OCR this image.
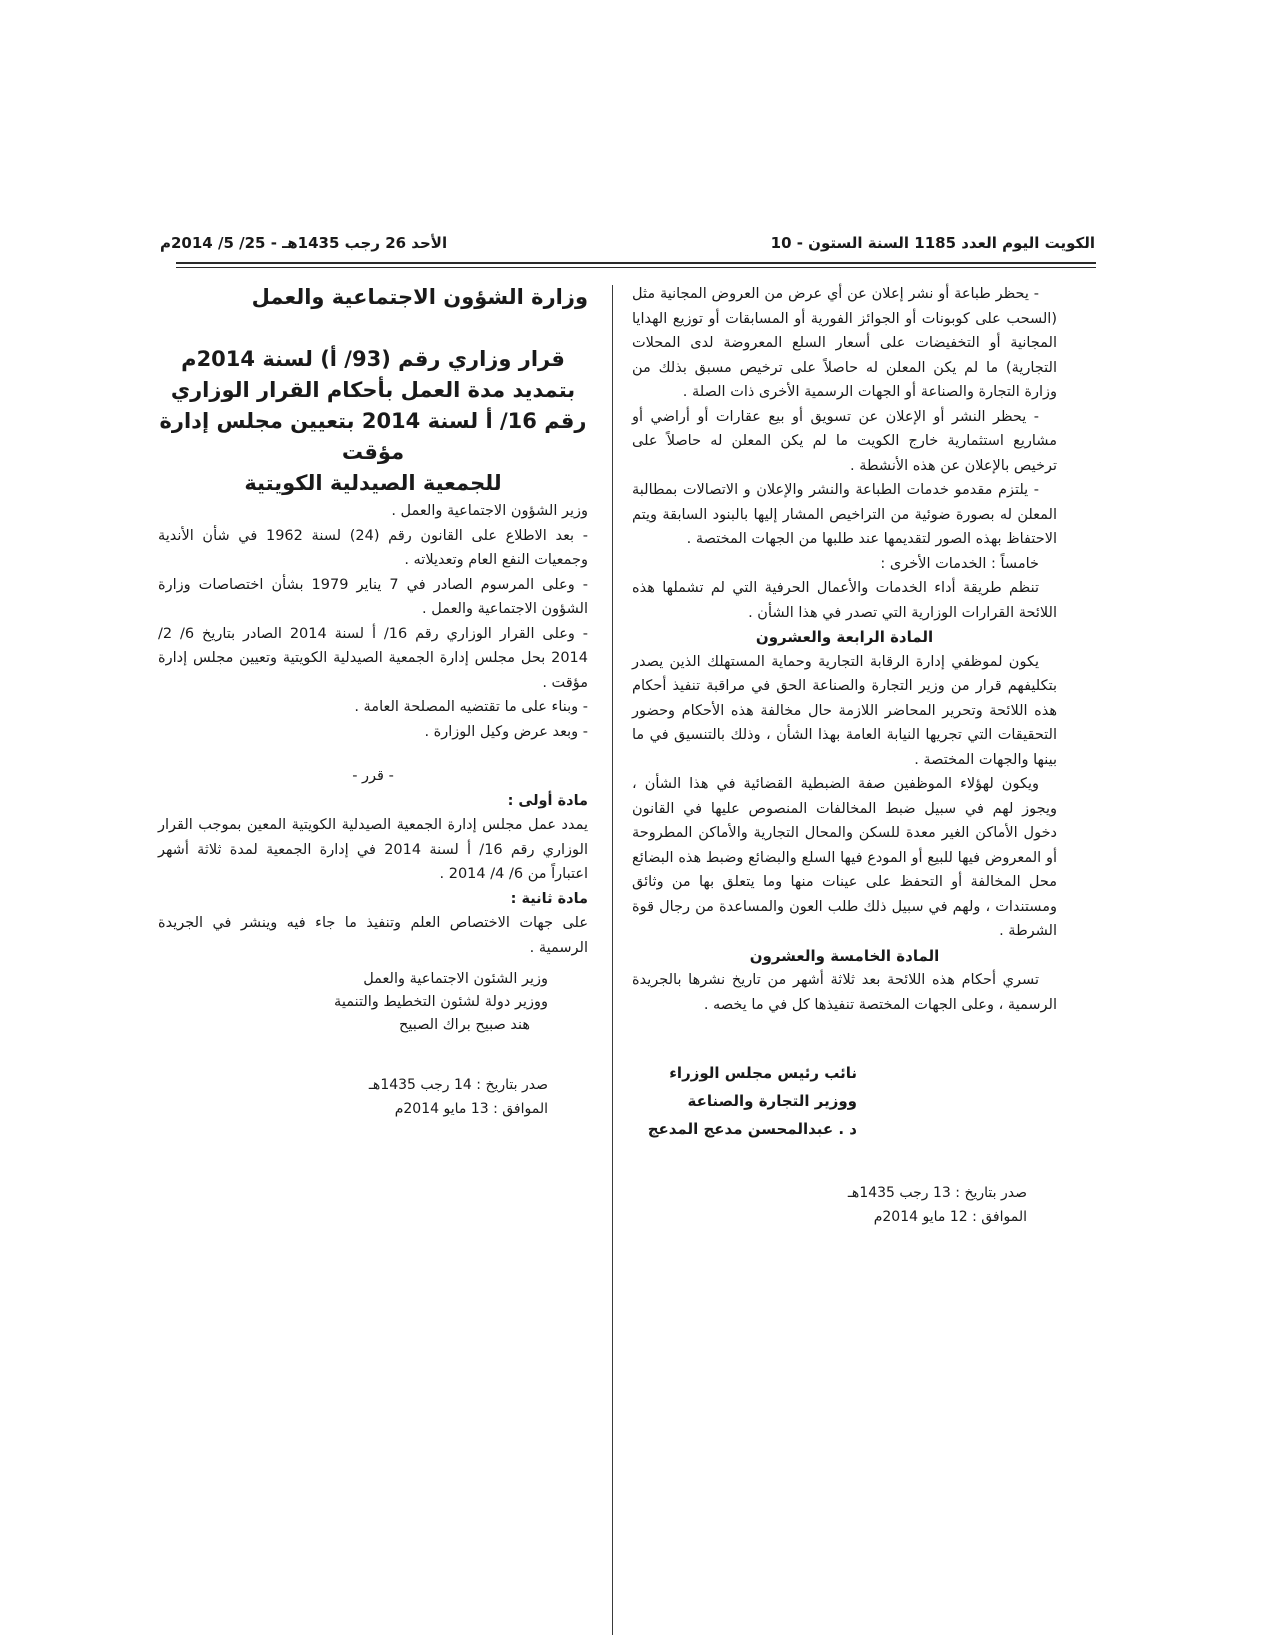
الكويت اليوم العدد 1185 السنة الستون - 10
الأحد 26 رجب 1435هـ - 25/ 5/ 2014م

- يحظر طباعة أو نشر إعلان عن أي عرض من العروض المجانية مثل (السحب على كوبونات أو الجوائز الفورية أو المسابقات أو توزيع الهدايا المجانية أو التخفيضات على أسعار السلع المعروضة لدى المحلات التجارية) ما لم يكن المعلن له حاصلاً على ترخيص مسبق بذلك من وزارة التجارة والصناعة أو الجهات الرسمية الأخرى ذات الصلة .

- يحظر النشر أو الإعلان عن تسويق أو بيع عقارات أو أراضي أو مشاريع استثمارية خارج الكويت ما لم يكن المعلن له حاصلاً على ترخيص بالإعلان عن هذه الأنشطة .

- يلتزم مقدمو خدمات الطباعة والنشر والإعلان و الاتصالات بمطالبة المعلن له بصورة ضوئية من التراخيص المشار إليها بالبنود السابقة ويتم الاحتفاظ بهذه الصور لتقديمها عند طلبها من الجهات المختصة .

خامساً : الخدمات الأخرى :

تنظم طريقة أداء الخدمات والأعمال الحرفية التي لم تشملها هذه اللائحة القرارات الوزارية التي تصدر في هذا الشأن .

المادة الرابعة والعشرون

يكون لموظفي إدارة الرقابة التجارية وحماية المستهلك الذين يصدر بتكليفهم قرار من وزير التجارة والصناعة الحق في مراقبة تنفيذ أحكام هذه اللائحة وتحرير المحاضر اللازمة حال مخالفة هذه الأحكام وحضور التحقيقات التي تجريها النيابة العامة بهذا الشأن ، وذلك بالتنسيق في ما بينها والجهات المختصة .

ويكون لهؤلاء الموظفين صفة الضبطية القضائية في هذا الشأن ، ويجوز لهم في سبيل ضبط المخالفات المنصوص عليها في القانون دخول الأماكن الغير معدة للسكن والمحال التجارية والأماكن المطروحة أو المعروض فيها للبيع أو المودع فيها السلع والبضائع وضبط هذه البضائع محل المخالفة أو التحفظ على عينات منها وما يتعلق بها من وثائق ومستندات ، ولهم في سبيل ذلك طلب العون والمساعدة من رجال قوة الشرطة .

المادة الخامسة والعشرون

تسري أحكام هذه اللائحة بعد ثلاثة أشهر من تاريخ نشرها بالجريدة الرسمية ، وعلى الجهات المختصة تنفيذها كل في ما يخصه .

نائب رئيس مجلس الوزراء

ووزير التجارة والصناعة

د . عبدالمحسن مدعج المدعج

صدر بتاريخ : 13 رجب 1435هـ

الموافق : 12 مايو 2014م

وزارة الشؤون الاجتماعية والعمل

قرار وزاري رقم (93/ أ) لسنة 2014م

بتمديد مدة العمل بأحكام القرار الوزاري

رقم 16/ أ لسنة 2014 بتعيين مجلس إدارة مؤقت

للجمعية الصيدلية الكويتية

وزير الشؤون الاجتماعية والعمل .

- بعد الاطلاع على القانون رقم (24) لسنة 1962 في شأن الأندية وجمعيات النفع العام وتعديلاته .

- وعلى المرسوم الصادر في 7 يناير 1979 بشأن اختصاصات وزارة الشؤون الاجتماعية والعمل .

- وعلى القرار الوزاري رقم 16/ أ لسنة 2014 الصادر بتاريخ 6/ 2/ 2014 بحل مجلس إدارة الجمعية الصيدلية الكويتية وتعيين مجلس إدارة مؤقت .

- وبناء على ما تقتضيه المصلحة العامة .

- وبعد عرض وكيل الوزارة .

- قرر -

مادة أولى :

يمدد عمل مجلس إدارة الجمعية الصيدلية الكويتية المعين بموجب القرار الوزاري رقم 16/ أ لسنة 2014 في إدارة الجمعية لمدة ثلاثة أشهر اعتباراً من 6/ 4/ 2014 .

مادة ثانية :

على جهات الاختصاص العلم وتنفيذ ما جاء فيه وينشر في الجريدة الرسمية .

وزير الشئون الاجتماعية والعمل
ووزير دولة لشئون التخطيط والتنمية
هند صبيح براك الصبيح

صدر بتاريخ : 14 رجب 1435هـ

الموافق : 13 مايو 2014م
